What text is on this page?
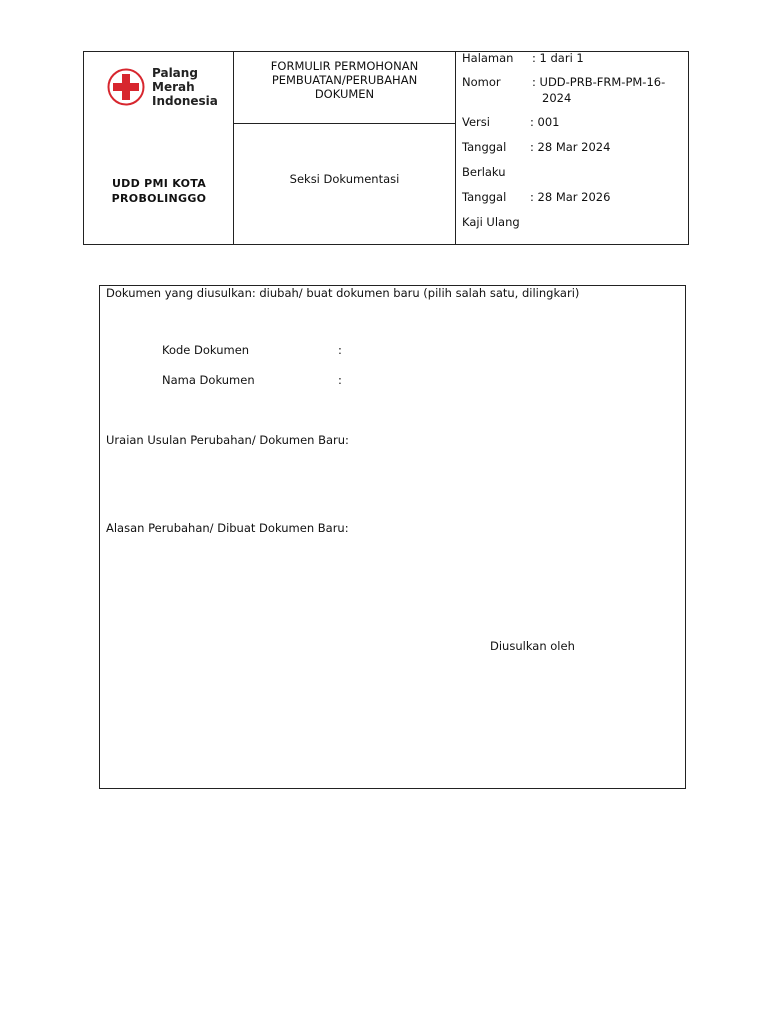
Palang
Merah
Indonesia
UDD PMI KOTA
PROBOLINGGO
FORMULIR PERMOHONAN
PEMBUATAN/PERUBAHAN
DOKUMEN
Seksi Dokumentasi
Halaman : 1 dari 1
Nomor	: UDD-PRB-FRM-PM-16-
2024
Versi	: 001
Tanggal : 28 Mar 2024
Berlaku
Tanggal : 28 Mar 2026
Kaji Ulang
Dokumen yang diusulkan: diubah/ buat dokumen baru (pilih salah satu, dilingkari)
Kode Dokumen	:
Nama Dokumen	:
Uraian Usulan Perubahan/ Dokumen Baru:
Alasan Perubahan/ Dibuat Dokumen Baru:
Diusulkan oleh
